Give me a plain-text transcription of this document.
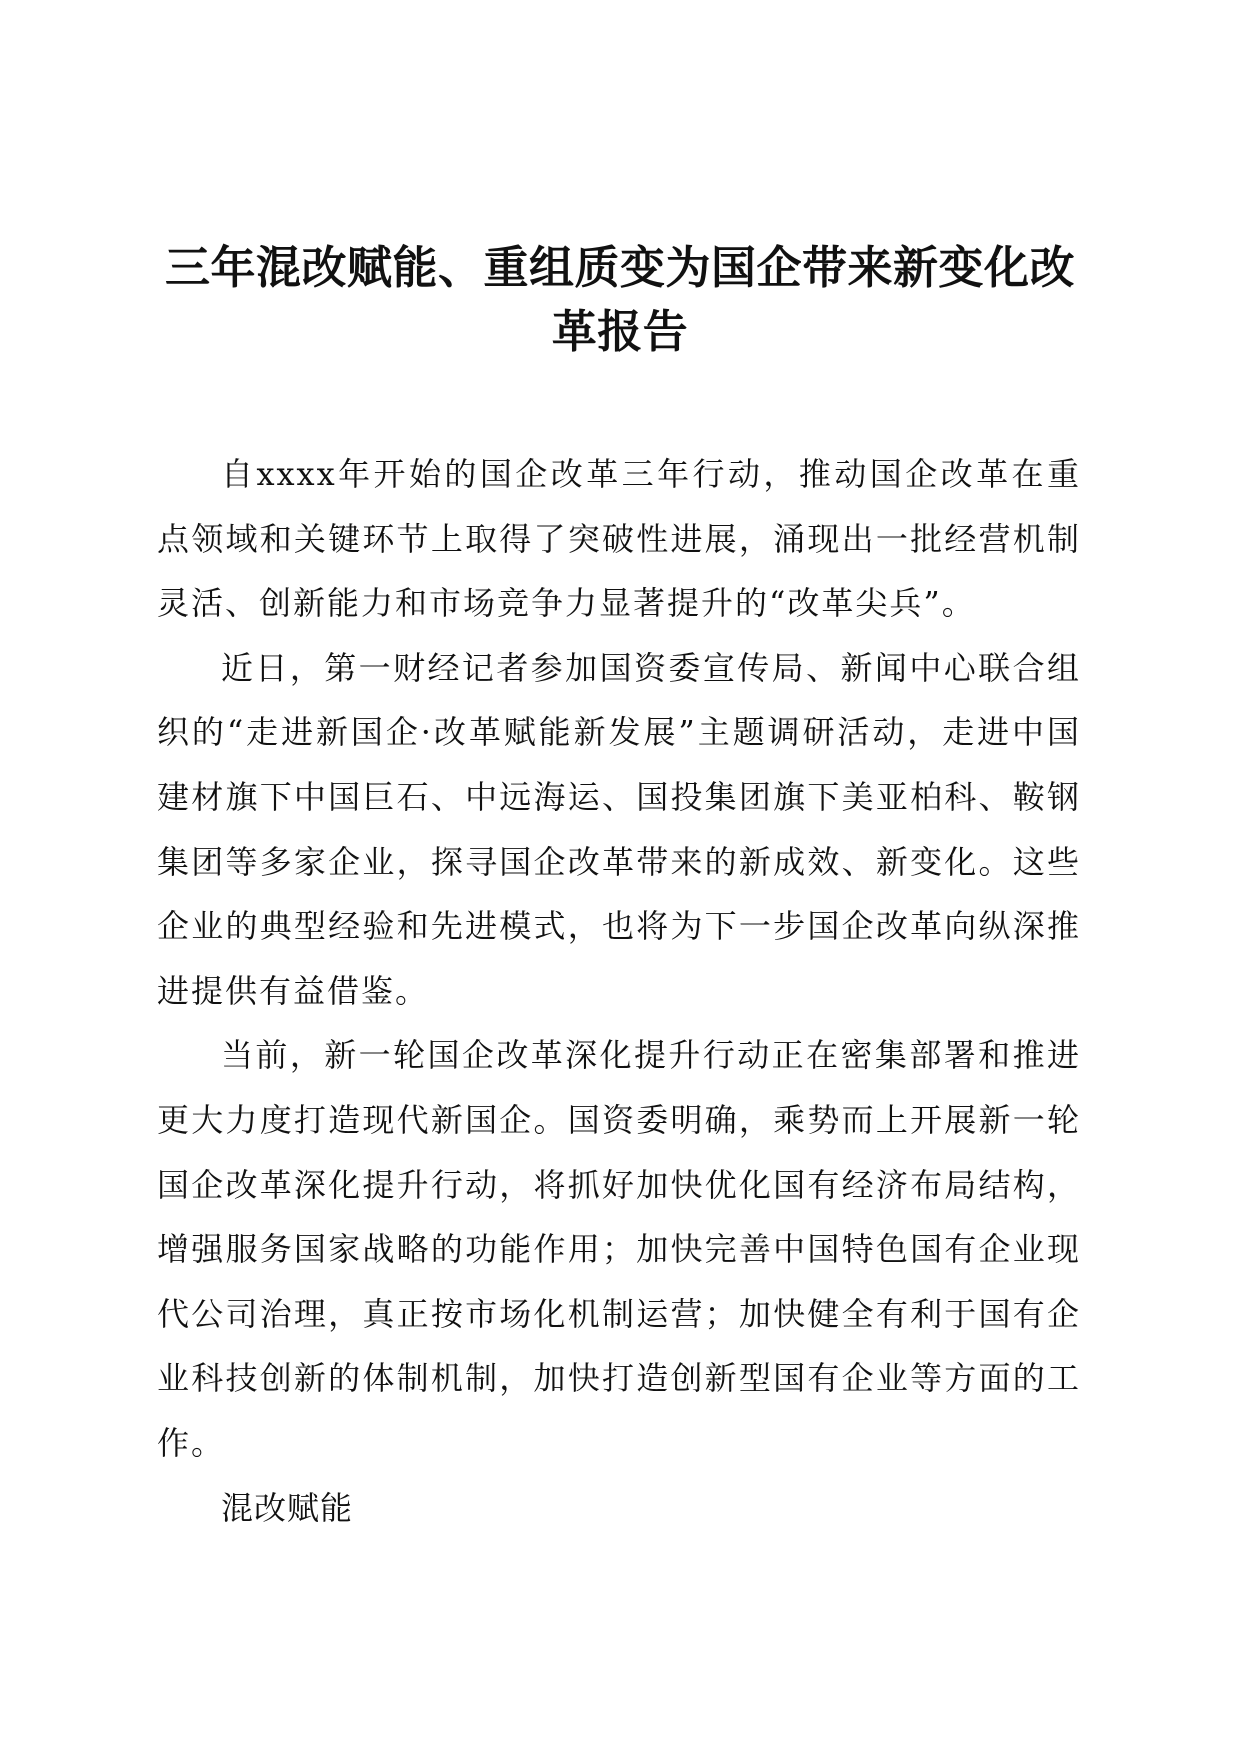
三年混改赋能、重组质变为国企带来新变化改革报告

自xxxx年开始的国企改革三年行动，推动国企改革在重点领域和关键环节上取得了突破性进展，涌现出一批经营机制灵活、创新能力和市场竞争力显著提升的“改革尖兵”。

近日，第一财经记者参加国资委宣传局、新闻中心联合组织的“走进新国企·改革赋能新发展”主题调研活动，走进中国建材旗下中国巨石、中远海运、国投集团旗下美亚柏科、鞍钢集团等多家企业，探寻国企改革带来的新成效、新变化。这些企业的典型经验和先进模式，也将为下一步国企改革向纵深推进提供有益借鉴。

当前，新一轮国企改革深化提升行动正在密集部署和推进更大力度打造现代新国企。国资委明确，乘势而上开展新一轮国企改革深化提升行动，将抓好加快优化国有经济布局结构，增强服务国家战略的功能作用；加快完善中国特色国有企业现代公司治理，真正按市场化机制运营；加快健全有利于国有企业科技创新的体制机制，加快打造创新型国有企业等方面的工作。

混改赋能
